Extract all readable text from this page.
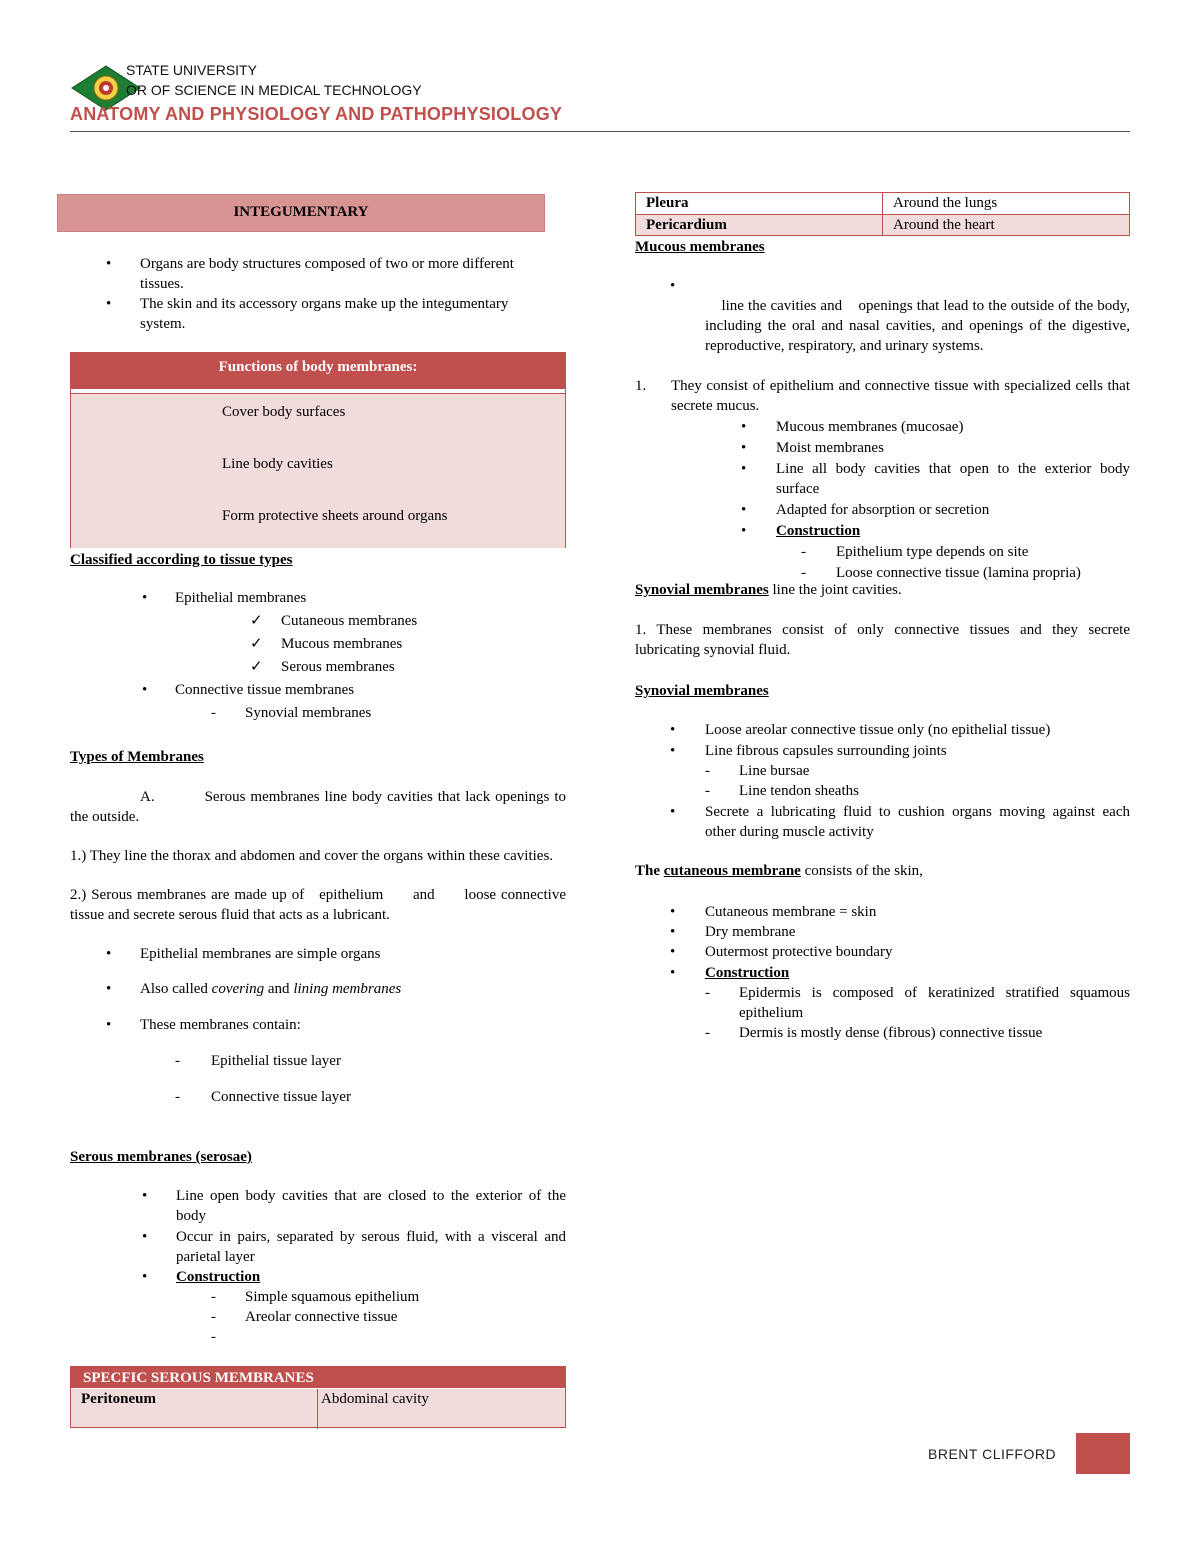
STATE UNIVERSITY
OR OF SCIENCE IN MEDICAL TECHNOLOGY
ANATOMY AND PHYSIOLOGY AND PATHOPHYSIOLOGY
INTEGUMENTARY
• Organs are body structures composed of two or more different tissues.
• The skin and its accessory organs make up the integumentary system.
Functions of body membranes:
Cover body surfaces
Line body cavities
Form protective sheets around organs
Classified according to tissue types
• Epithelial membranes
✓ Cutaneous membranes
✓ Mucous membranes
✓ Serous membranes
• Connective tissue membranes
- Synovial membranes
Types of Membranes
A.	Serous membranes line body cavities that lack openings to the outside.
1.) They line the thorax and abdomen and cover the organs within these cavities.
2.) Serous membranes are made up of   epithelium      and      loose connective tissue and secrete serous fluid that acts as a lubricant.
• Epithelial membranes are simple organs
• Also called covering and lining membranes
• These membranes contain:
- Epithelial tissue layer
- Connective tissue layer
Serous membranes (serosae)
• Line open body cavities that are closed to the exterior of the body
• Occur in pairs, separated by serous fluid, with a visceral and parietal layer
• Construction
- Simple squamous epithelium
- Areolar connective tissue
-
SPECFIC SEROUS MEMBRANES
Peritoneum	Abdominal cavity
Pleura	Around the lungs
Pericardium	Around the heart
Mucous membranes

•
line the cavities and    openings that lead to the outside of the body, including the oral and nasal cavities, and openings of the digestive, reproductive, respiratory, and urinary systems.

1. They consist of epithelium and connective tissue with specialized cells that secrete mucus.
• Mucous membranes (mucosae)
• Moist membranes
• Line all body cavities that open to the exterior body surface
• Adapted for absorption or secretion
• Construction
- Epithelium type depends on site
- Loose connective tissue (lamina propria)
Synovial membranes line the joint cavities.
1. These membranes consist of only connective tissues and they secrete lubricating synovial fluid.
Synovial membranes
• Loose areolar connective tissue only (no epithelial tissue)
• Line fibrous capsules surrounding joints
- Line bursae
- Line tendon sheaths
• Secrete a lubricating fluid to cushion organs moving against each other during muscle activity
The cutaneous membrane consists of the skin,
• Cutaneous membrane = skin
• Dry membrane
• Outermost protective boundary
• Construction
- Epidermis is composed of keratinized stratified squamous epithelium
- Dermis is mostly dense (fibrous) connective tissue
BRENT CLIFFORD
